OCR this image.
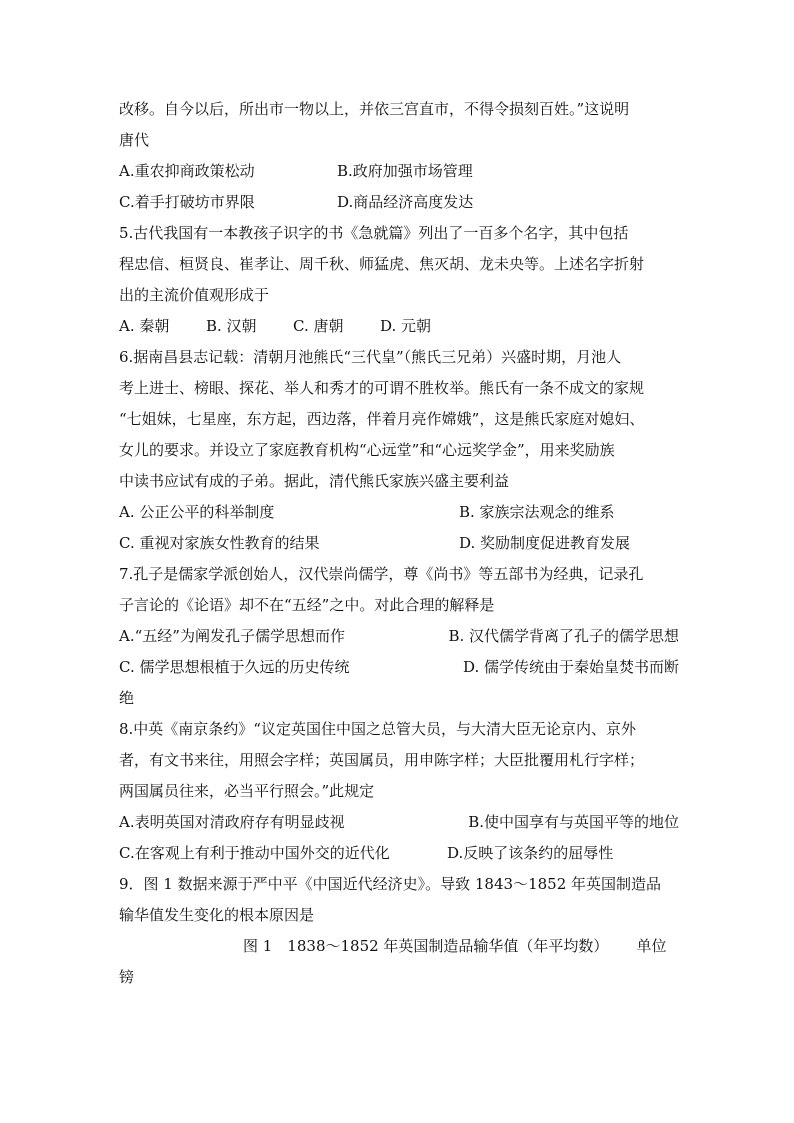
改移。自今以后，所出市一物以上，并依三宫直市，不得令损刻百姓。”这说明
唐代
A.重农抑商政策松动	B.政府加强市场管理
C.着手打破坊市界限	D.商品经济高度发达
5.古代我国有一本教孩子识字的书《急就篇》列出了一百多个名字，其中包括
程忠信、桓贤良、崔孝让、周千秋、师猛虎、焦灭胡、龙未央等。上述名字折射
出的主流价值观形成于
A. 秦朝	B. 汉朝	C. 唐朝	D. 元朝
6.据南昌县志记载：清朝月池熊氏“三代皇”（熊氏三兄弟）兴盛时期，月池人
考上进士、榜眼、探花、举人和秀才的可谓不胜枚举。熊氏有一条不成文的家规
“七姐妹，七星座，东方起，西边落，伴着月亮作嫦娥”，这是熊氏家庭对媳妇、
女儿的要求。并设立了家庭教育机构“心远堂”和“心远奖学金”，用来奖励族
中读书应试有成的子弟。据此，清代熊氏家族兴盛主要利益
A. 公正公平的科举制度	B. 家族宗法观念的维系
C. 重视对家族女性教育的结果	D. 奖励制度促进教育发展
7.孔子是儒家学派创始人，汉代崇尚儒学，尊《尚书》等五部书为经典，记录孔
子言论的《论语》却不在“五经”之中。对此合理的解释是
A.“五经”为阐发孔子儒学思想而作	B. 汉代儒学背离了孔子的儒学思想
C. 儒学思想根植于久远的历史传统	D. 儒学传统由于秦始皇焚书而断
绝
8.中英《南京条约》“议定英国住中国之总管大员，与大清大臣无论京内、京外
者，有文书来往，用照会字样；英国属员，用申陈字样；大臣批覆用札行字样；
两国属员往来，必当平行照会。”此规定
A.表明英国对清政府存有明显歧视	B.使中国享有与英国平等的地位
C.在客观上有利于推动中国外交的近代化	D.反映了该条约的屈辱性
9．图 1 数据来源于严中平《中国近代经济史》。导致 1843～1852 年英国制造品
输华值发生变化的根本原因是
图 1　1838～1852 年英国制造品输华值（年平均数） 单位
镑
